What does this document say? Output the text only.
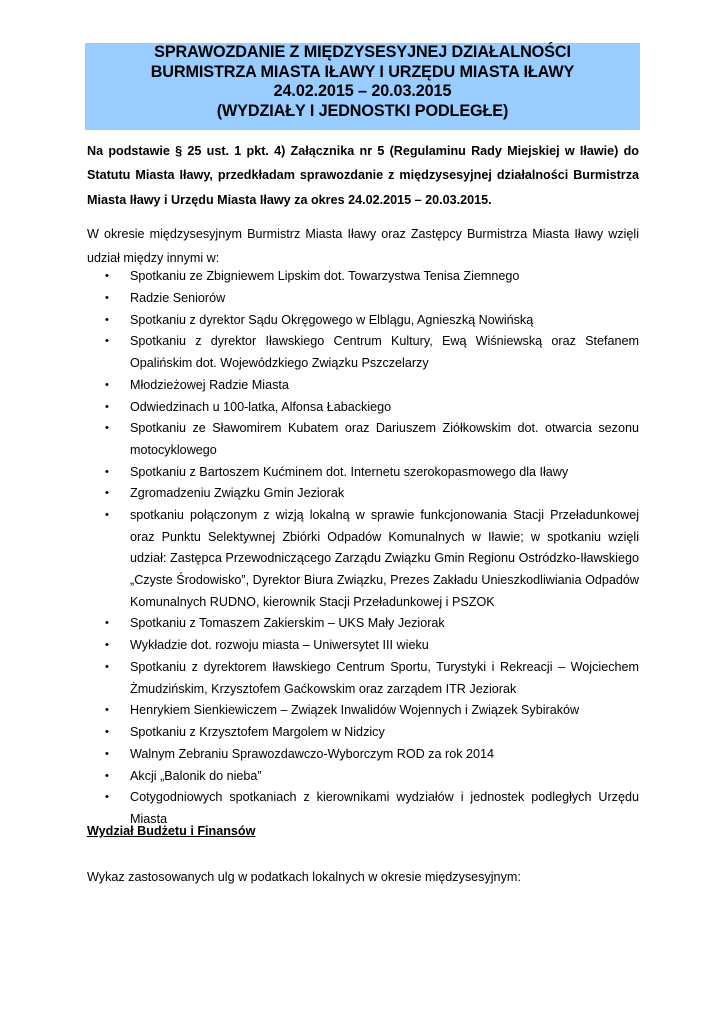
SPRAWOZDANIE Z MIĘDZYSESYJNEJ DZIAŁALNOŚCI
BURMISTRZA MIASTA IŁAWY I URZĘDU MIASTA IŁAWY
24.02.2015 – 20.03.2015
(WYDZIAŁY I JEDNOSTKI PODLEGŁE)
Na podstawie § 25 ust. 1 pkt. 4) Załącznika nr 5 (Regulaminu Rady Miejskiej w Iławie) do Statutu Miasta Iławy, przedkładam sprawozdanie z międzysesyjnej działalności Burmistrza Miasta Iławy i Urzędu Miasta Iławy za okres 24.02.2015 – 20.03.2015.
W okresie międzysesyjnym Burmistrz Miasta Iławy oraz Zastępcy Burmistrza Miasta Iławy wzięli udział między innymi w:
• Spotkaniu ze Zbigniewem Lipskim dot. Towarzystwa Tenisa Ziemnego
• Radzie Seniorów
• Spotkaniu z dyrektor Sądu Okręgowego w Elblągu, Agnieszką Nowińską
• Spotkaniu z dyrektor Iławskiego Centrum Kultury, Ewą Wiśniewską oraz Stefanem Opalińskim dot. Wojewódzkiego Związku Pszczelarzy
• Młodzieżowej Radzie Miasta
• Odwiedzinach u 100-latka, Alfonsa Łabackiego
• Spotkaniu ze Sławomirem Kubatem oraz Dariuszem Ziółkowskim dot. otwarcia sezonu motocyklowego
• Spotkaniu z Bartoszem Kućminem dot. Internetu szerokopasmowego dla Iławy
• Zgromadzeniu Związku Gmin Jeziorak
• spotkaniu połączonym z wizją lokalną w sprawie funkcjonowania Stacji Przeładunkowej oraz Punktu Selektywnej Zbiórki Odpadów Komunalnych w Iławie; w spotkaniu wzięli udział: Zastępca Przewodniczącego Zarządu Związku Gmin Regionu Ostródzko-Iławskiego „Czyste Środowisko”, Dyrektor Biura Związku, Prezes Zakładu Unieszkodliwiania Odpadów Komunalnych RUDNO, kierownik Stacji Przeładunkowej i PSZOK
• Spotkaniu z Tomaszem Zakierskim – UKS Mały Jeziorak
• Wykładzie dot. rozwoju miasta – Uniwersytet III wieku
• Spotkaniu z dyrektorem Iławskiego Centrum Sportu, Turystyki i Rekreacji – Wojciechem Żmudzińskim, Krzysztofem Gaćkowskim oraz zarządem ITR Jeziorak
• Henrykiem Sienkiewiczem – Związek Inwalidów Wojennych i Związek Sybiraków
• Spotkaniu z Krzysztofem Margolem w Nidzicy
• Walnym Zebraniu Sprawozdawczo-Wyborczym ROD za rok 2014
• Akcji „Balonik do nieba”
• Cotygodniowych spotkaniach z kierownikami wydziałów i jednostek podległych Urzędu Miasta
Wydział Budżetu i Finansów
Wykaz zastosowanych ulg w podatkach lokalnych w okresie międzysesyjnym:
